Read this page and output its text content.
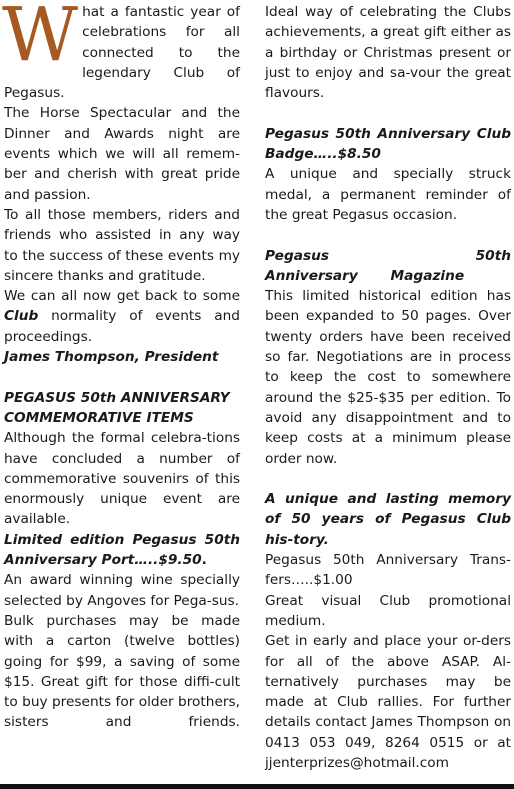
What a fantastic year of celebrations for all connected to the legendary Club of Pegasus.

The Horse Spectacular and the Dinner and Awards night are events which we will all remem-ber and cherish with great pride and passion.

To all those members, riders and friends who assisted in any way to the success of these events my sincere thanks and gratitude.

We can all now get back to some Club normality of events and proceedings.

James Thompson, President

PEGASUS 50th ANNIVERSARY COMMEMORATIVE ITEMS

Although the formal celebra-tions have concluded a number of commemorative souvenirs of this enormously unique event are available.

Limited edition Pegasus 50th Anniversary Port…..$9.50.

An award winning wine specially selected by Angoves for Pega-sus.

Bulk purchases may be made with a carton (twelve bottles) going for $99, a saving of some $15. Great gift for those diffi-cult to buy presents for older brothers, sisters and friends.

Ideal way of celebrating the Clubs achievements, a great gift either as a birthday or Christmas present or just to enjoy and sa-vour the great flavours.

Pegasus 50th Anniversary Club Badge…..$8.50

A unique and specially struck medal, a permanent reminder of the great Pegasus occasion.

Pegasus 50th Anniversary Magazine

This limited historical edition has been expanded to 50 pages. Over twenty orders have been received so far. Negotiations are in process to keep the cost to somewhere around the $25-$35 per edition. To avoid any disappointment and to keep costs at a minimum please order now.

A unique and lasting memory of 50 years of Pegasus Club his-tory.

Pegasus 50th Anniversary Trans-fers…..$1.00

Great visual Club promotional medium.

Get in early and place your or-ders for all of the above ASAP. Al-ternatively purchases may be made at Club rallies. For further details contact James Thompson on 0413 053 049, 8264 0515 or at jjenterprizes@hotmail.com
